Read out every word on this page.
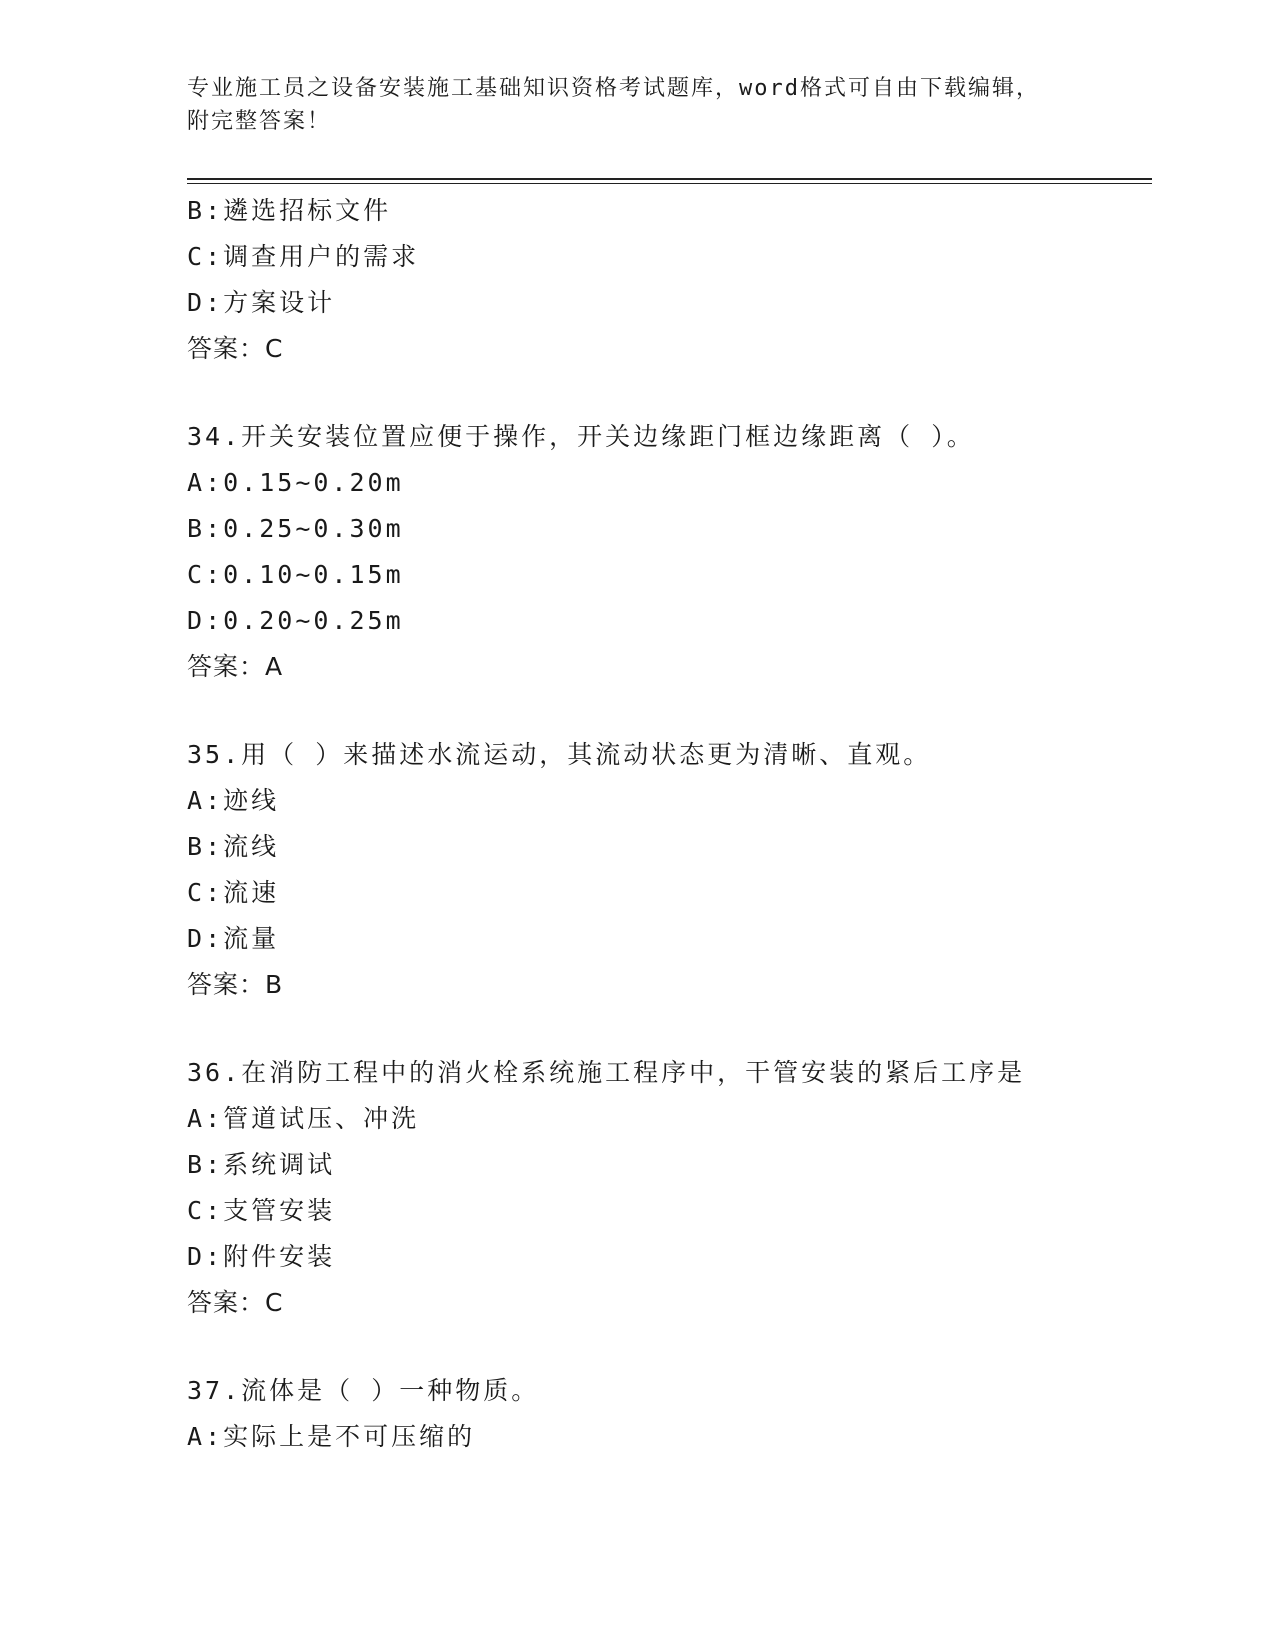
专业施工员之设备安装施工基础知识资格考试题库，word格式可自由下载编辑，
附完整答案！
B:遴选招标文件
C:调查用户的需求
D:方案设计
答案：C
34.开关安装位置应便于操作，开关边缘距门框边缘距离（ ）。
A:0.15~0.20m
B:0.25~0.30m
C:0.10~0.15m
D:0.20~0.25m
答案：A
35.用（ ）来描述水流运动，其流动状态更为清晰、直观。
A:迹线
B:流线
C:流速
D:流量
答案：B
36.在消防工程中的消火栓系统施工程序中，干管安装的紧后工序是
A:管道试压、冲洗
B:系统调试
C:支管安装
D:附件安装
答案：C
37.流体是（ ）一种物质。
A:实际上是不可压缩的
